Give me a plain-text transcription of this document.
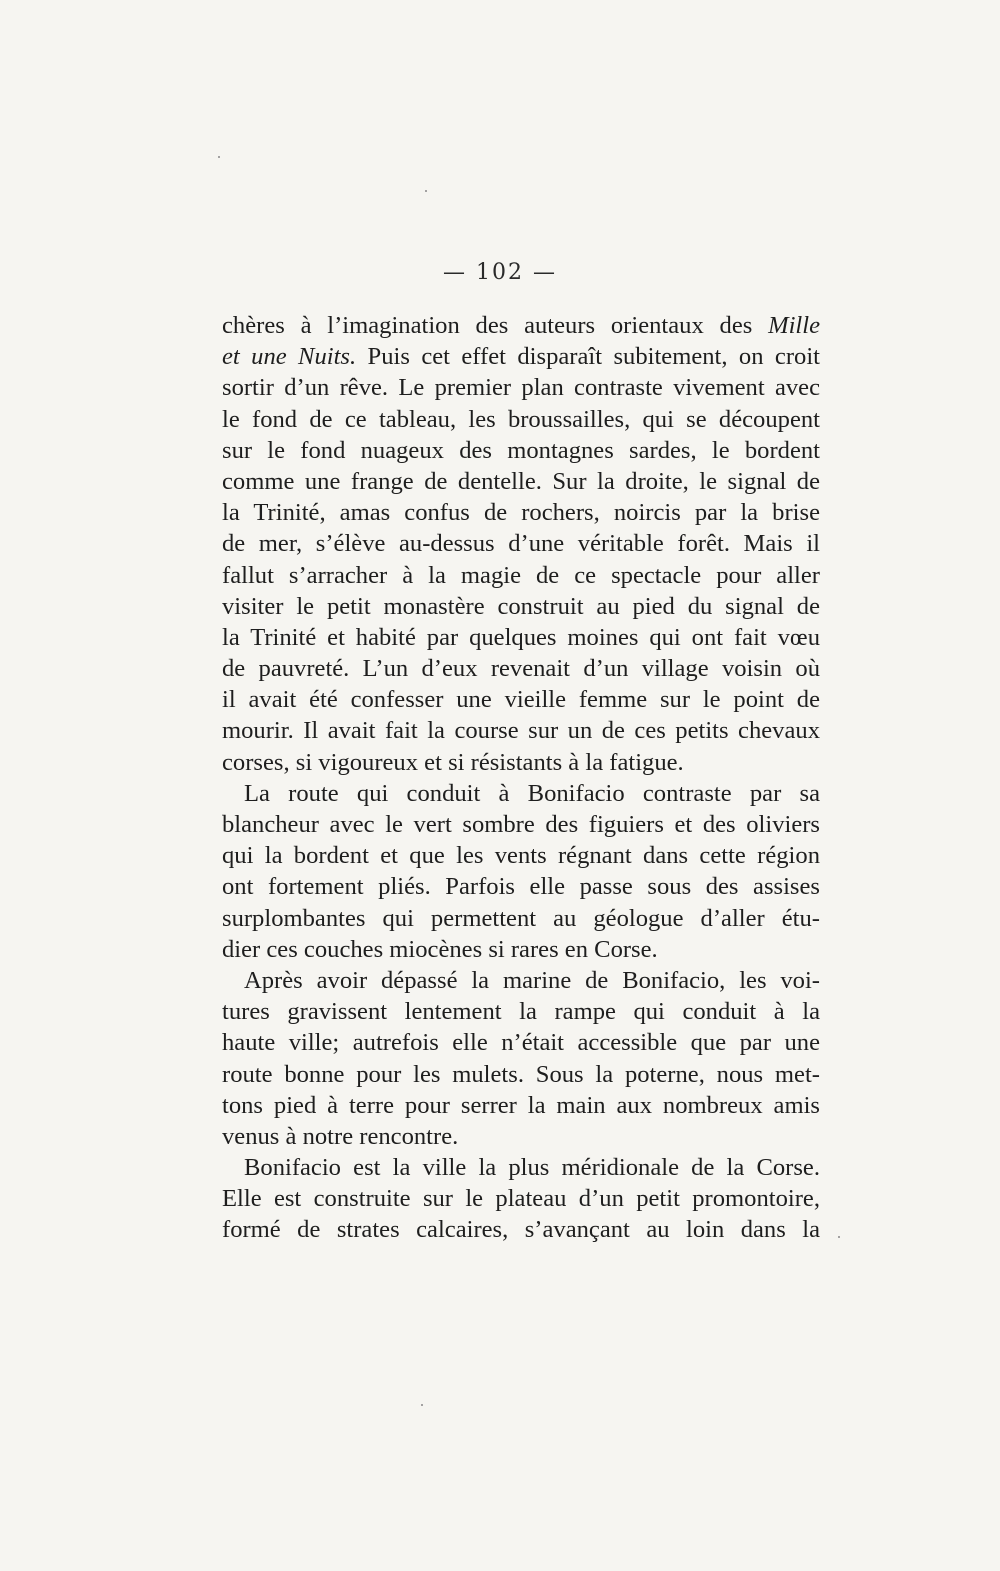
— 102 —
chères à l’imagination des auteurs orientaux des Mille
et une Nuits. Puis cet effet disparaît subitement, on croit
sortir d’un rêve. Le premier plan contraste vivement avec
le fond de ce tableau, les broussailles, qui se découpent
sur le fond nuageux des montagnes sardes, le bordent
comme une frange de dentelle. Sur la droite, le signal de
la Trinité, amas confus de rochers, noircis par la brise
de mer, s’élève au-dessus d’une véritable forêt. Mais il
fallut s’arracher à la magie de ce spectacle pour aller
visiter le petit monastère construit au pied du signal de
la Trinité et habité par quelques moines qui ont fait vœu
de pauvreté. L’un d’eux revenait d’un village voisin où
il avait été confesser une vieille femme sur le point de
mourir. Il avait fait la course sur un de ces petits chevaux
corses, si vigoureux et si résistants à la fatigue.
La route qui conduit à Bonifacio contraste par sa
blancheur avec le vert sombre des figuiers et des oliviers
qui la bordent et que les vents régnant dans cette région
ont fortement pliés. Parfois elle passe sous des assises
surplombantes qui permettent au géologue d’aller étu-
dier ces couches miocènes si rares en Corse.
Après avoir dépassé la marine de Bonifacio, les voi-
tures gravissent lentement la rampe qui conduit à la
haute ville; autrefois elle n’était accessible que par une
route bonne pour les mulets. Sous la poterne, nous met-
tons pied à terre pour serrer la main aux nombreux amis
venus à notre rencontre.
Bonifacio est la ville la plus méridionale de la Corse.
Elle est construite sur le plateau d’un petit promontoire,
formé de strates calcaires, s’avançant au loin dans la
